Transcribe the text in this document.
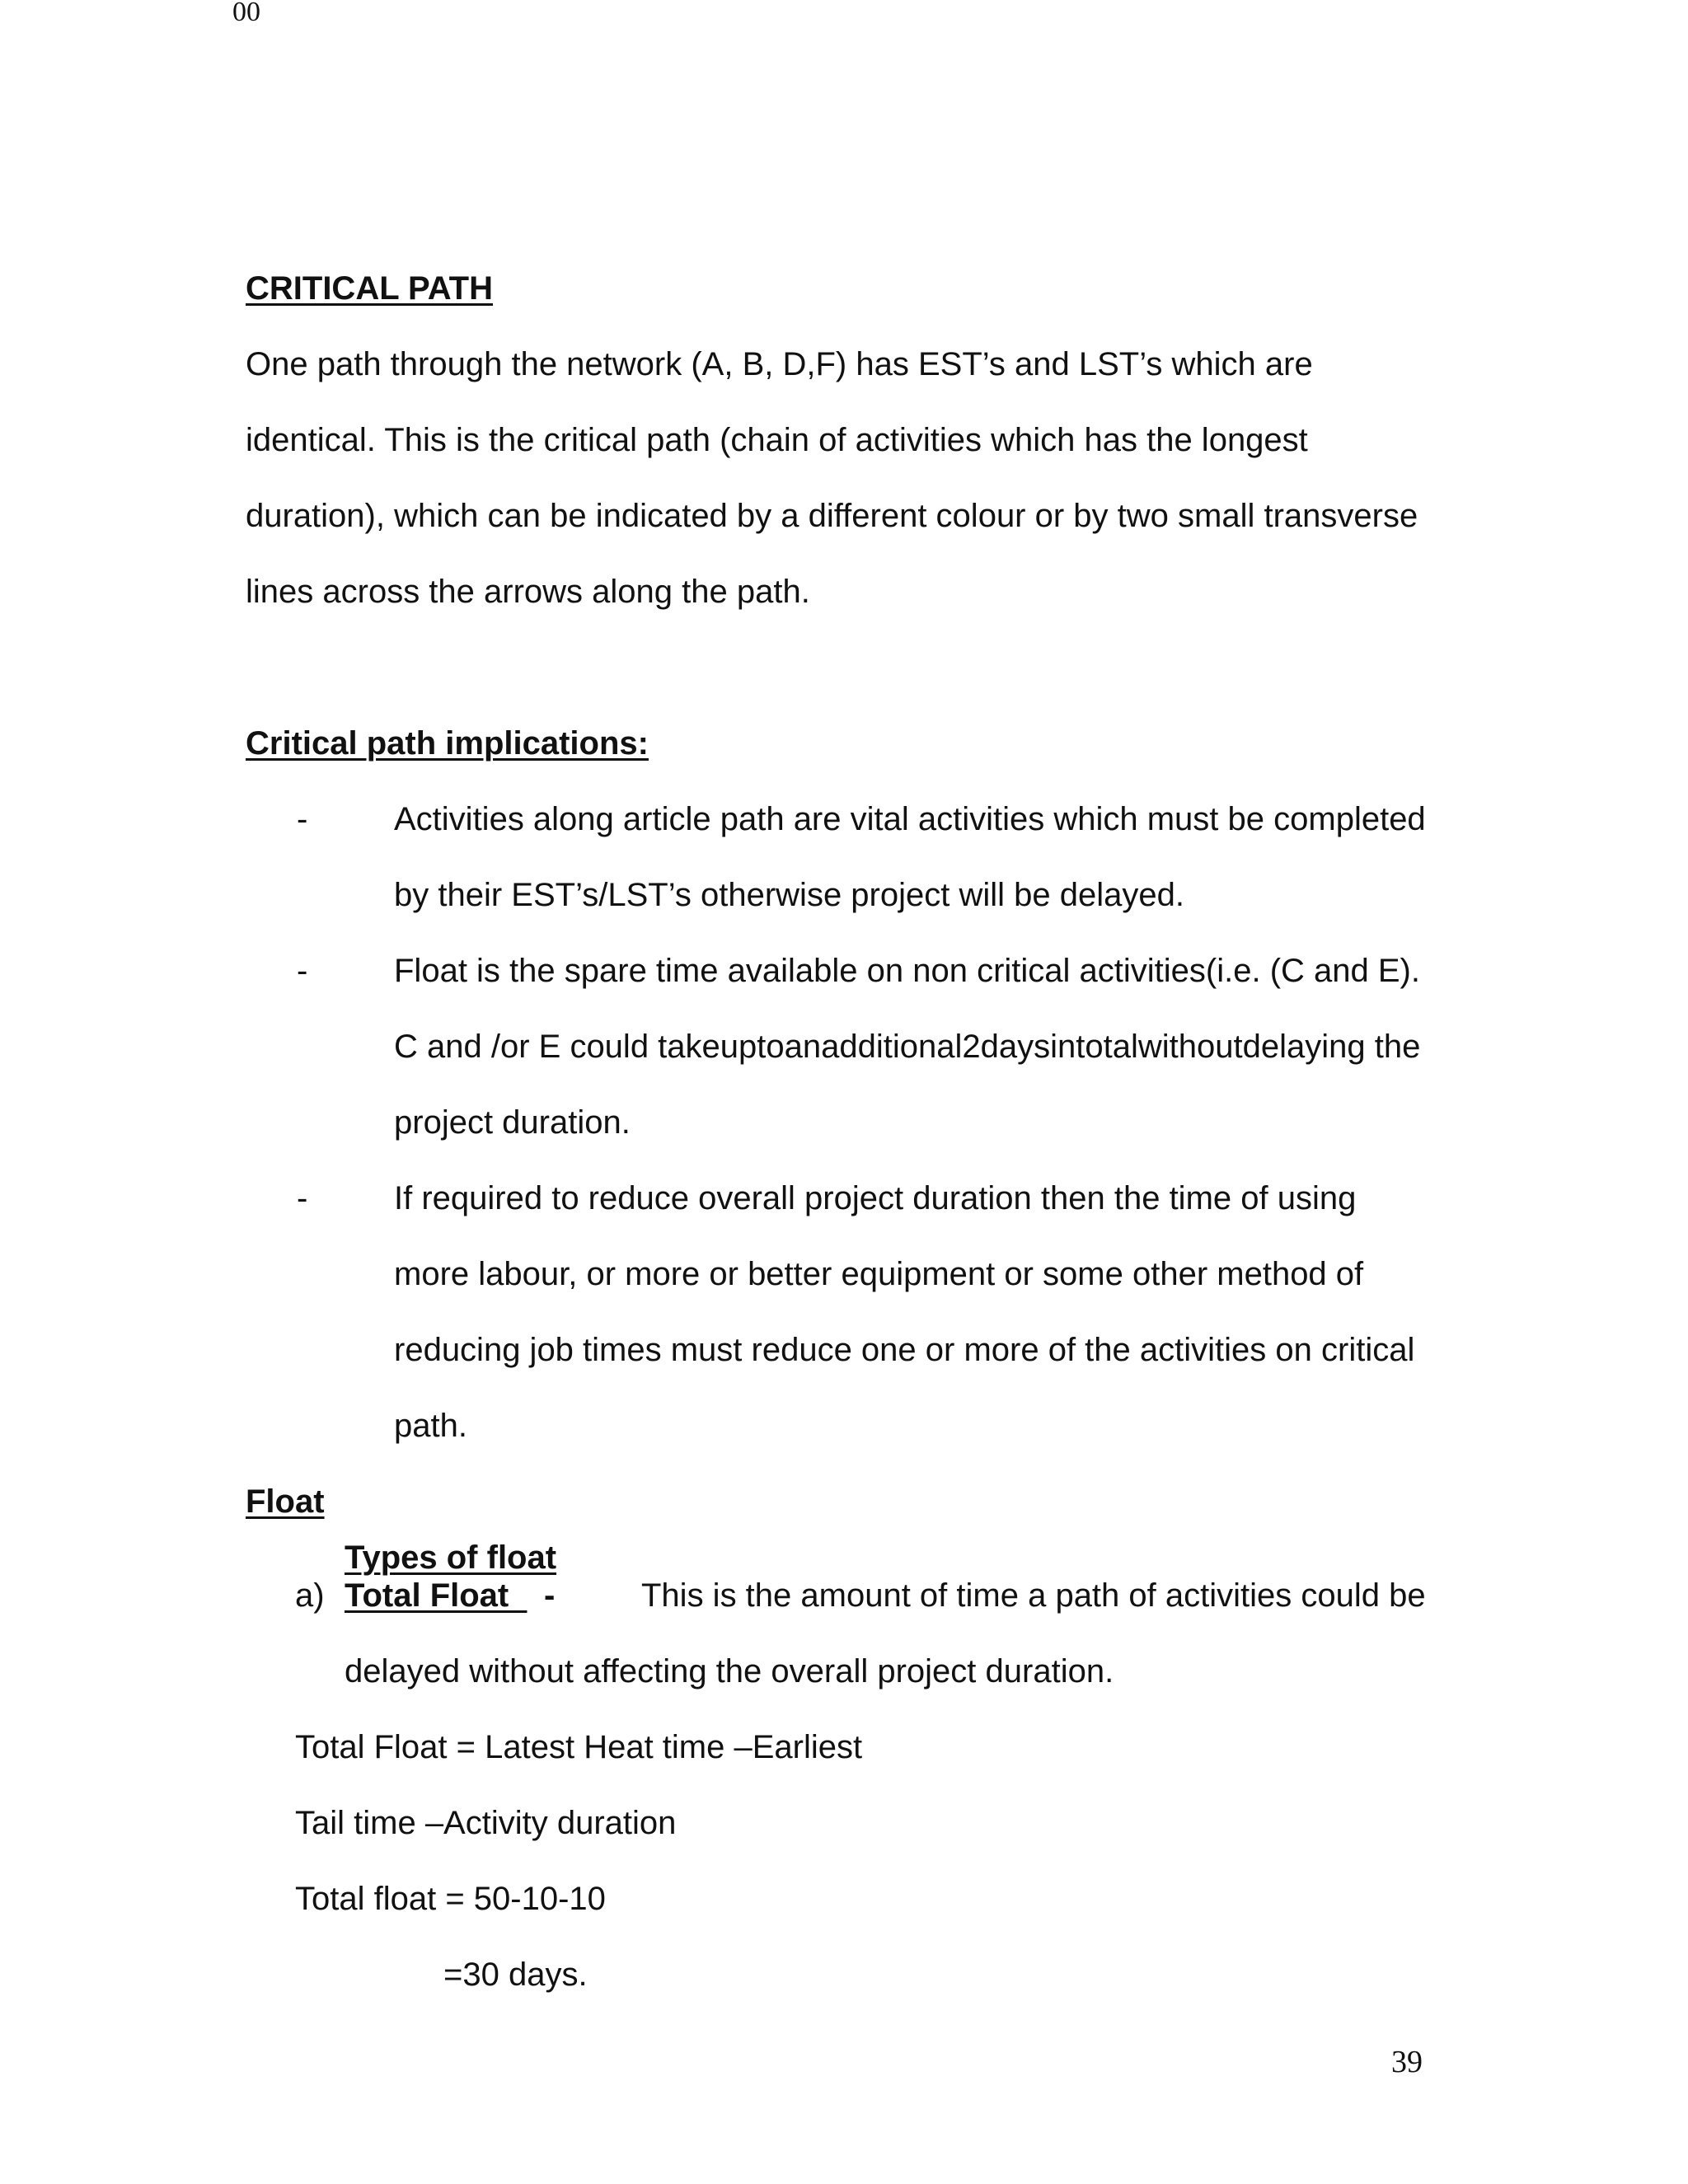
00
CRITICAL PATH
One path through the network (A, B, D,F) has EST’s and LST’s which are
identical. This is the critical path (chain of activities which has the longest
duration), which can be indicated by a different colour or by two small transverse
lines across the arrows along the path.
Critical path implications:
-	Activities along article path are vital activities which must be completed
by their EST’s/LST’s otherwise project will be delayed.
-	Float is the spare time available on non critical activities(i.e. (C and E).
C and /or E could takeuptoanadditional2daysintotalwithoutdelaying the
project duration.
-	If required to reduce overall project duration then the time of using
more labour, or more or better equipment or some other method of
reducing job times must reduce one or more of the activities on critical
path.
Float
Types of float
a) Total Float -	This is the amount of time a path of activities could be
delayed without affecting the overall project duration.
Total Float = Latest Heat time –Earliest
Tail time –Activity duration
Total float = 50-10-10
=30 days.
39
